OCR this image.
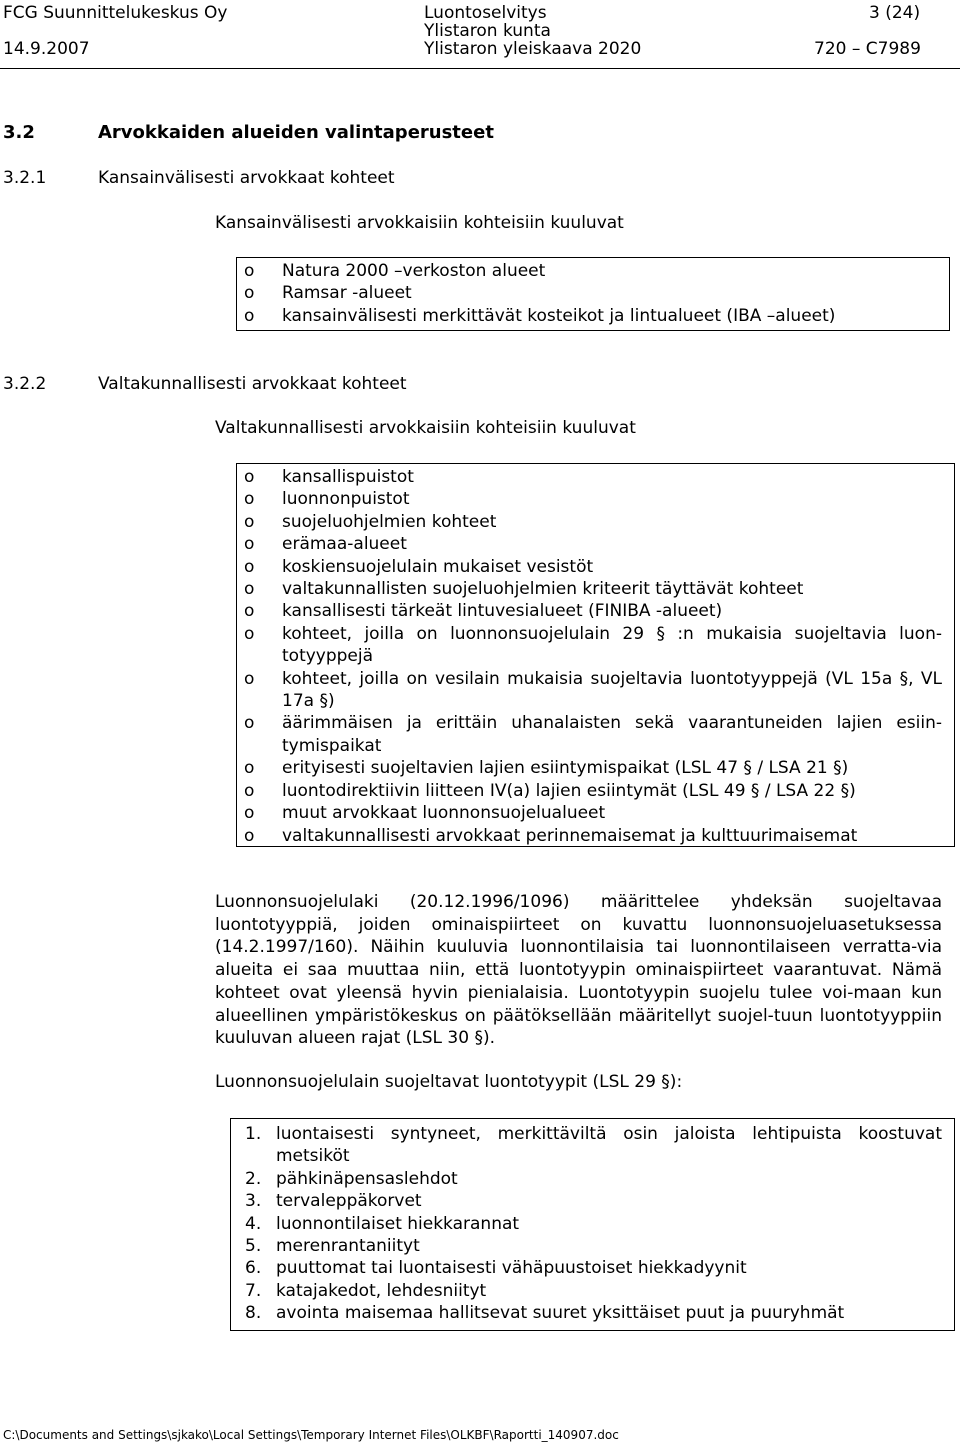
FCG Suunnittelukeskus Oy
14.9.2007
Luontoselvitys
Ylistaron kunta
Ylistaron yleiskaava 2020
3 (24)
720 – C7989
3.2	Arvokkaiden alueiden valintaperusteet
3.2.1	Kansainvälisesti arvokkaat kohteet
Kansainvälisesti arvokkaisiin kohteisiin kuuluvat
o Natura 2000 –verkoston alueet
o Ramsar -alueet
o kansainvälisesti merkittävät kosteikot ja lintualueet (IBA –alueet)
3.2.2	Valtakunnallisesti arvokkaat kohteet
Valtakunnallisesti arvokkaisiin kohteisiin kuuluvat
o kansallispuistot
o luonnonpuistot
o suojeluohjelmien kohteet
o erämaa-alueet
o koskiensuojelulain mukaiset vesistöt
o valtakunnallisten suojeluohjelmien kriteerit täyttävät kohteet
o kansallisesti tärkeät lintuvesialueet (FINIBA -alueet)
o kohteet, joilla on luonnonsuojelulain 29 § :n mukaisia suojeltavia luon-totyyppejä
o kohteet, joilla on vesilain mukaisia suojeltavia luontotyyppejä (VL 15a §, VL 17a §)
o äärimmäisen ja erittäin uhanalaisten sekä vaarantuneiden lajien esiin-tymispaikat
o erityisesti suojeltavien lajien esiintymispaikat (LSL 47 § / LSA 21 §)
o luontodirektiivin liitteen IV(a) lajien esiintymät (LSL 49 § / LSA 22 §)
o muut arvokkaat luonnonsuojelualueet
o valtakunnallisesti arvokkaat perinnemaisemat ja kulttuurimaisemat

Luonnonsuojelulaki (20.12.1996/1096) määrittelee yhdeksän suojeltavaa luontotyyppiä, joiden ominaispiirteet on kuvattu luonnonsuojeluasetuksessa (14.2.1997/160). Näihin kuuluvia luonnontilaisia tai luonnontilaiseen verratta-via alueita ei saa muuttaa niin, että luontotyypin ominaispiirteet vaarantuvat. Nämä kohteet ovat yleensä hyvin pienialaisia. Luontotyypin suojelu tulee voi-maan kun alueellinen ympäristökeskus on päätöksellään määritellyt suojel-tuun luontotyyppiin kuuluvan alueen rajat (LSL 30 §).

Luonnonsuojelulain suojeltavat luontotyypit (LSL 29 §):
1. luontaisesti syntyneet, merkittäviltä osin jaloista lehtipuista koostuvat metsiköt
2. pähkinäpensaslehdot
3. tervaleppäkorvet
4. luonnontilaiset hiekkarannat
5. merenrantaniityt
6. puuttomat tai luontaisesti vähäpuustoiset hiekkadyynit
7. katajakedot, lehdesniityt
8. avointa maisemaa hallitsevat suuret yksittäiset puut ja puuryhmät
C:\Documents and Settings\sjkako\Local Settings\Temporary Internet Files\OLKBF\Raportti_140907.doc
